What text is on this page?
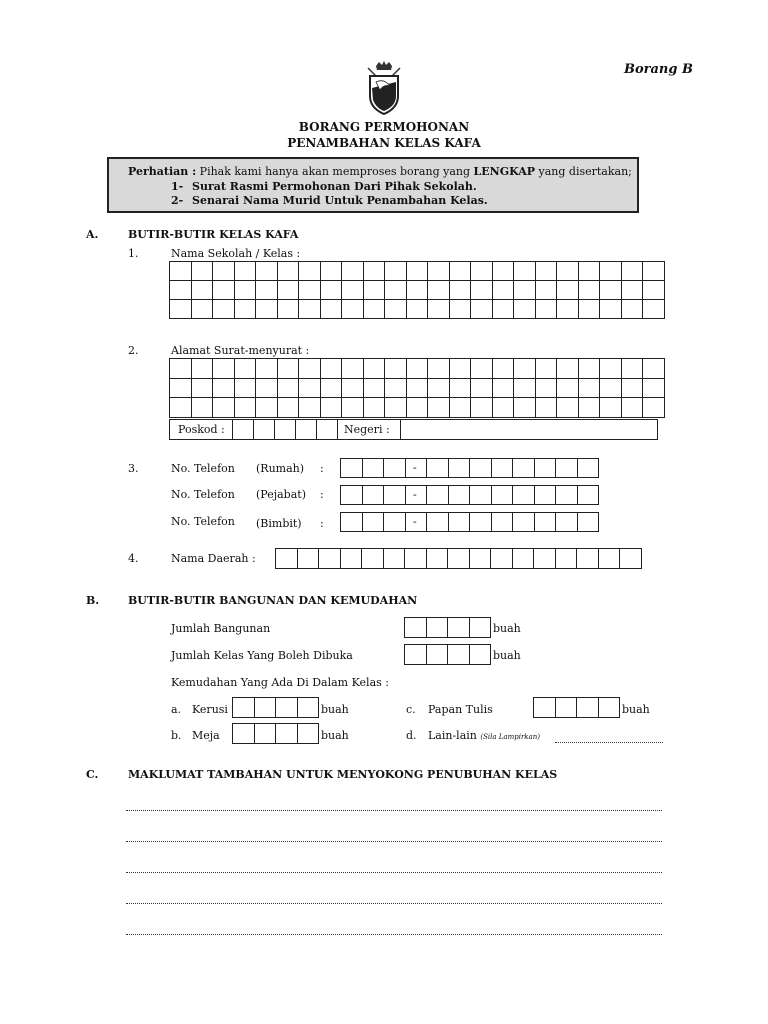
Borang B
BORANG PERMOHONAN
PENAMBAHAN KELAS KAFA
Perhatian : Pihak kami hanya akan memproses borang yang LENGKAP yang disertakan;
1- Surat Rasmi Permohonan Dari Pihak Sekolah.
2- Senarai Nama Murid Untuk Penambahan Kelas.
A.	BUTIR-BUTIR KELAS KAFA
1.	Nama Sekolah / Kelas :

2.	Alamat Surat-menyurat :

Poskod :	Negeri :
3.	No. Telefon (Rumah) :	-
No. Telefon (Pejabat) :	-
No. Telefon (Bimbit) :	-
4.	Nama Daerah :
B.	BUTIR-BUTIR BANGUNAN DAN KEMUDAHAN
Jumlah Bangunan	buah
Jumlah Kelas Yang Boleh Dibuka	buah
Kemudahan Yang Ada Di Dalam Kelas :
a. Kerusi	buah	c. Papan Tulis	buah
b. Meja	buah	d. Lain-lain (Sila Lampirkan)
C.	MAKLUMAT TAMBAHAN UNTUK MENYOKONG PENUBUHAN KELAS
